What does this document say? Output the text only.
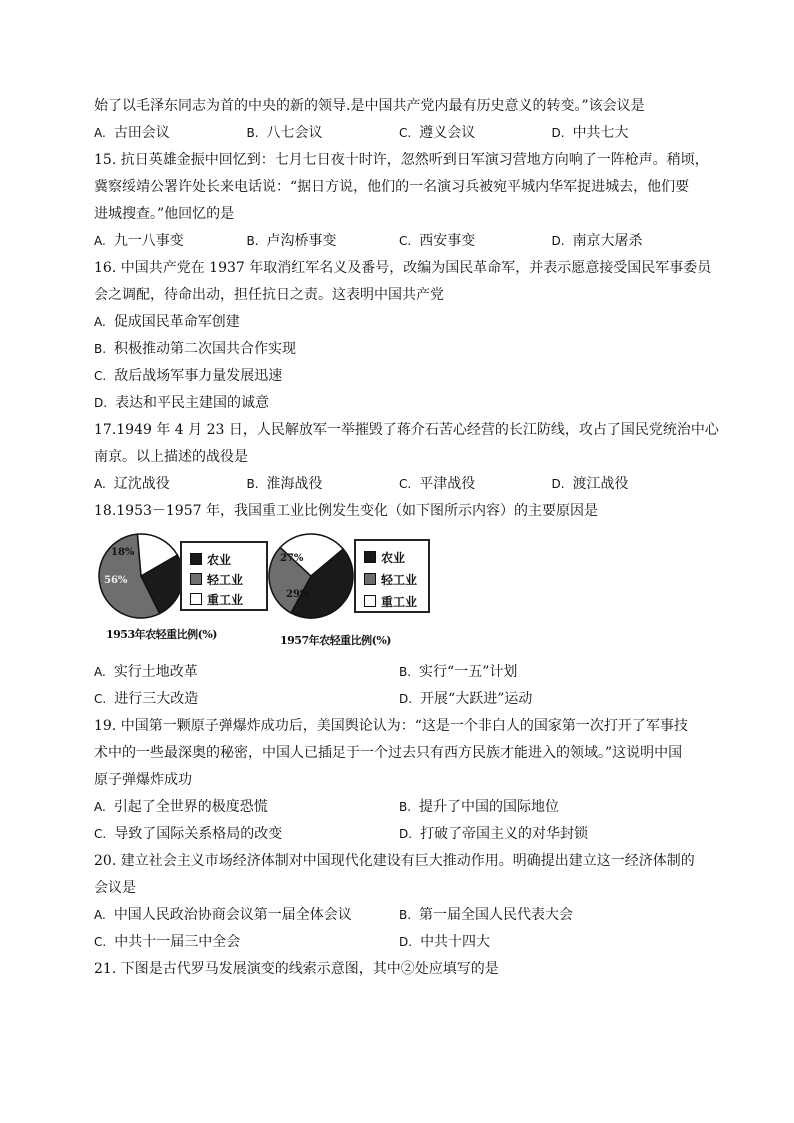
始了以毛泽东同志为首的中央的新的领导.是中国共产党内最有历史意义的转变。”该会议是
A. 古田会议	B. 八七会议	C. 遵义会议	D. 中共七大
15. 抗日英雄金振中回忆到：七月七日夜十时许，忽然听到日军演习营地方向响了一阵枪声。稍顷，
冀察绥靖公署许处长来电话说：“据日方说，他们的一名演习兵被宛平城内华军捉进城去，他们要
进城搜查。”他回忆的是
A. 九一八事变	B. 卢沟桥事变	C. 西安事变	D. 南京大屠杀
16. 中国共产党在 1937 年取消红军名义及番号，改编为国民革命军，并表示愿意接受国民军事委员
会之调配，待命出动，担任抗日之责。这表明中国共产党
A. 促成国民革命军创建
B. 积极推动第二次国共合作实现
C. 敌后战场军事力量发展迅速
D. 表达和平民主建国的诚意
17.1949 年 4 月 23 日，人民解放军一举摧毁了蒋介石苦心经营的长江防线，攻占了国民党统治中心
南京。以上描述的战役是
A. 辽沈战役	B. 淮海战役	C. 平津战役	D. 渡江战役
18.1953－1957 年，我国重工业比例发生变化（如下图所示内容）的主要原因是
18%
56%
农业
轻工业
重工业
1953年农轻重比例(%)
27%
29%
农业
轻工业
重工业
1957年农轻重比例(%)
A. 实行土地改革	B. 实行“一五”计划
C. 进行三大改造	D. 开展“大跃进”运动
19. 中国第一颗原子弹爆炸成功后，美国舆论认为：“这是一个非白人的国家第一次打开了军事技
术中的一些最深奥的秘密，中国人已插足于一个过去只有西方民族才能进入的领域。”这说明中国
原子弹爆炸成功
A. 引起了全世界的极度恐慌	B. 提升了中国的国际地位
C. 导致了国际关系格局的改变	D. 打破了帝国主义的对华封锁
20. 建立社会主义市场经济体制对中国现代化建设有巨大推动作用。明确提出建立这一经济体制的
会议是
A. 中国人民政治协商会议第一届全体会议	B. 第一届全国人民代表大会
C. 中共十一届三中全会	D. 中共十四大
21. 下图是古代罗马发展演变的线索示意图，其中②处应填写的是
